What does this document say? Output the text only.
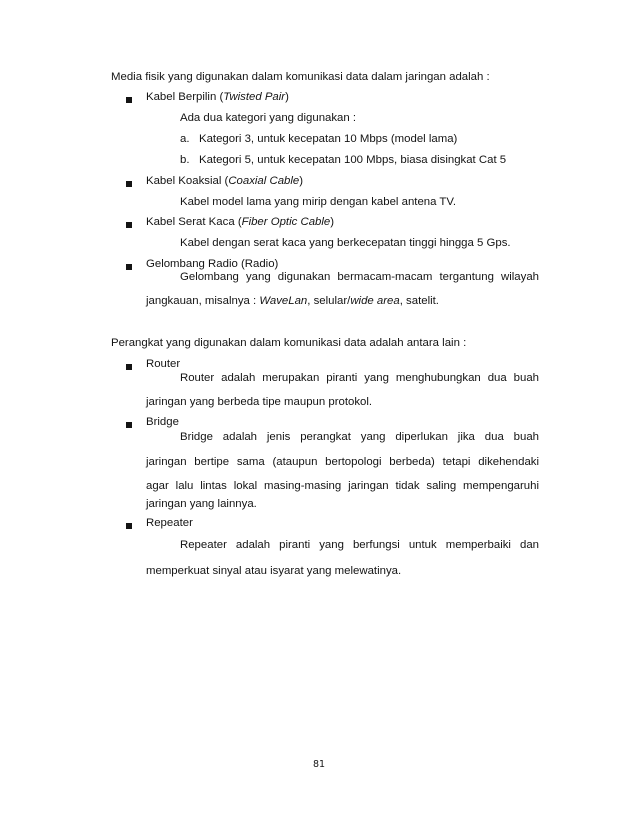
Media fisik yang digunakan dalam komunikasi data dalam jaringan adalah :
Kabel Berpilin (Twisted Pair)
Ada dua kategori yang digunakan :
a. Kategori 3, untuk kecepatan 10 Mbps (model lama)
b. Kategori 5, untuk kecepatan 100 Mbps, biasa disingkat Cat 5
Kabel Koaksial (Coaxial Cable)
Kabel model lama yang mirip dengan kabel antena TV.
Kabel Serat Kaca (Fiber Optic Cable)
Kabel dengan serat kaca yang berkecepatan tinggi hingga 5 Gps.
Gelombang Radio (Radio)
Gelombang yang digunakan bermacam-macam tergantung wilayah
jangkauan, misalnya : WaveLan, selular/wide area, satelit.
Perangkat yang digunakan dalam komunikasi data adalah antara lain :
Router
Router adalah merupakan piranti yang menghubungkan dua buah
jaringan yang berbeda tipe maupun protokol.
Bridge
Bridge adalah jenis perangkat yang diperlukan jika dua buah
jaringan bertipe sama (ataupun bertopologi berbeda) tetapi dikehendaki
agar lalu lintas lokal masing-masing jaringan tidak saling mempengaruhi
jaringan yang lainnya.
Repeater
Repeater adalah piranti yang berfungsi untuk memperbaiki dan
memperkuat sinyal atau isyarat yang melewatinya.
81
